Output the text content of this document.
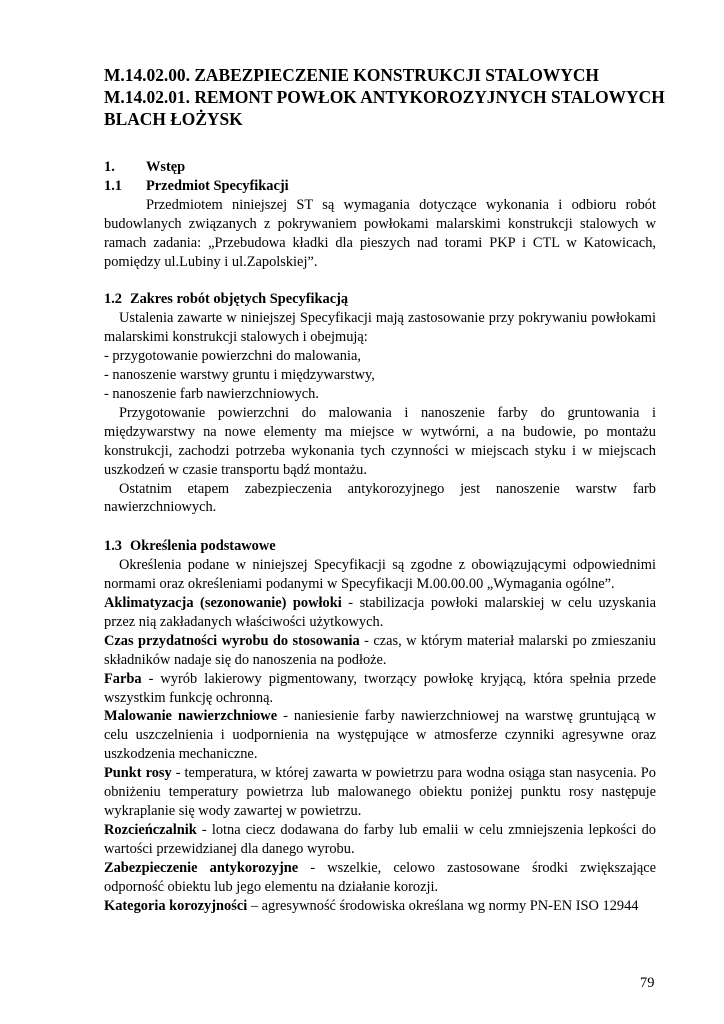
M.14.02.00. ZABEZPIECZENIE KONSTRUKCJI STALOWYCH
M.14.02.01. REMONT POWŁOK ANTYKOROZYJNYCH STALOWYCH
BLACH ŁOŻYSK
1. Wstęp
1.1 Przedmiot Specyfikacji

Przedmiotem niniejszej ST są wymagania dotyczące wykonania i odbioru robót budowlanych związanych z pokrywaniem powłokami malarskimi konstrukcji stalowych w ramach zadania: „Przebudowa kładki dla pieszych nad torami PKP i CTL w Katowicach, pomiędzy ul.Lubiny i ul.Zapolskiej”.

1.2 Zakres robót objętych Specyfikacją

Ustalenia zawarte w niniejszej Specyfikacji mają zastosowanie przy pokrywaniu powłokami malarskimi konstrukcji stalowych i obejmują:

- przygotowanie powierzchni do malowania,
- nanoszenie warstwy gruntu i międzywarstwy,
- nanoszenie farb nawierzchniowych.

Przygotowanie powierzchni do malowania i nanoszenie farby do gruntowania i międzywarstwy na nowe elementy ma miejsce w wytwórni, a na budowie, po montażu konstrukcji, zachodzi potrzeba wykonania tych czynności w miejscach styku i w miejscach uszkodzeń w czasie transportu bądź montażu.

Ostatnim etapem zabezpieczenia antykorozyjnego jest nanoszenie warstw farb nawierzchniowych.

1.3 Określenia podstawowe

Określenia podane w niniejszej Specyfikacji są zgodne z obowiązującymi odpowiednimi normami oraz określeniami podanymi w Specyfikacji M.00.00.00 „Wymagania ogólne”.

Aklimatyzacja (sezonowanie) powłoki - stabilizacja powłoki malarskiej w celu uzyskania przez nią zakładanych właściwości użytkowych.

Czas przydatności wyrobu do stosowania - czas, w którym materiał malarski po zmieszaniu składników nadaje się do nanoszenia na podłoże.

Farba - wyrób lakierowy pigmentowany, tworzący powłokę kryjącą, która spełnia przede wszystkim funkcję ochronną.

Malowanie nawierzchniowe - naniesienie farby nawierzchniowej na warstwę gruntującą w celu uszczelnienia i uodpornienia na występujące w atmosferze czynniki agresywne oraz uszkodzenia mechaniczne.

Punkt rosy - temperatura, w której zawarta w powietrzu para wodna osiąga stan nasycenia. Po obniżeniu temperatury powietrza lub malowanego obiektu poniżej punktu rosy następuje wykraplanie się wody zawartej w powietrzu.

Rozcieńczalnik - lotna ciecz dodawana do farby lub emalii w celu zmniejszenia lepkości do wartości przewidzianej dla danego wyrobu.

Zabezpieczenie antykorozyjne - wszelkie, celowo zastosowane środki zwiększające odporność obiektu lub jego elementu na działanie korozji.

Kategoria korozyjności – agresywność środowiska określana wg normy PN-EN ISO 12944

79
